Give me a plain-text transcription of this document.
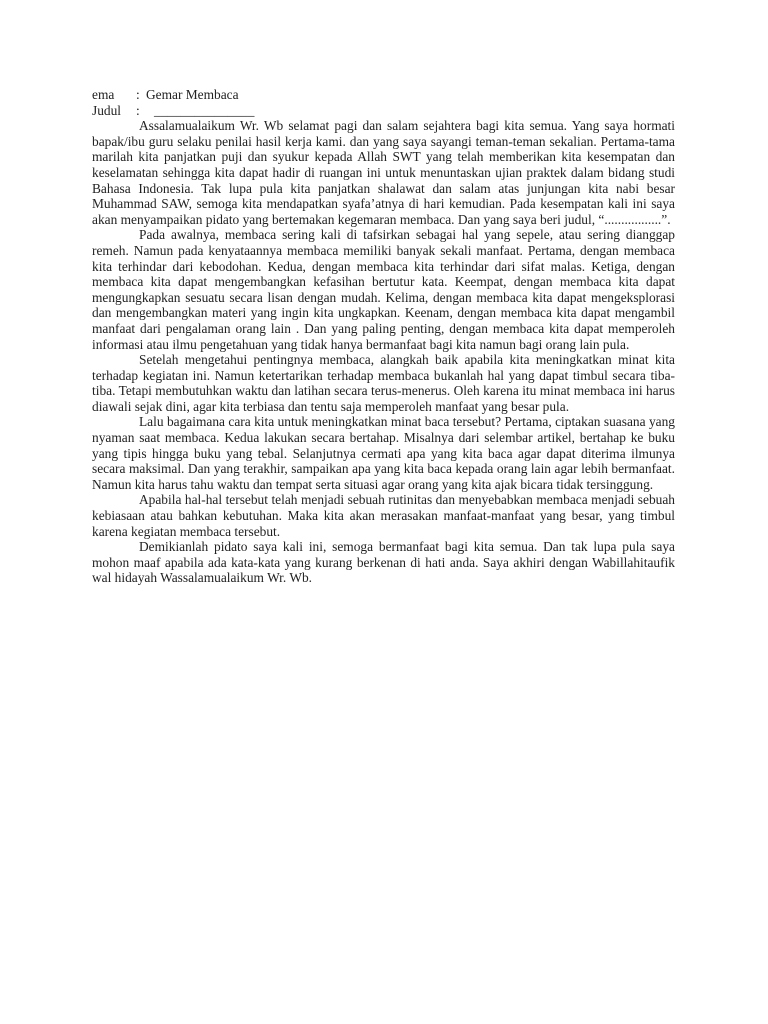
ema	: Gemar Membaca
Judul	:	_______________

Assalamualaikum Wr. Wb selamat pagi dan salam sejahtera bagi kita semua. Yang saya hormati bapak/ibu guru selaku penilai hasil kerja kami. dan yang saya sayangi teman-teman sekalian. Pertama-tama marilah kita panjatkan puji dan syukur kepada Allah SWT yang telah memberikan kita kesempatan dan keselamatan sehingga kita dapat hadir di ruangan ini untuk menuntaskan ujian praktek dalam bidang studi Bahasa Indonesia. Tak lupa pula kita panjatkan shalawat dan salam atas junjungan kita nabi besar Muhammad SAW, semoga kita mendapatkan syafa’atnya di hari kemudian. Pada kesempatan kali ini saya akan menyampaikan pidato yang bertemakan kegemaran membaca. Dan yang saya beri judul, “.................”.

Pada awalnya, membaca sering kali di tafsirkan sebagai hal yang sepele, atau sering dianggap remeh. Namun pada kenyataannya membaca memiliki banyak sekali manfaat. Pertama, dengan membaca kita terhindar dari kebodohan. Kedua, dengan membaca kita terhindar dari sifat malas. Ketiga, dengan membaca kita dapat mengembangkan kefasihan bertutur kata. Keempat, dengan membaca kita dapat mengungkapkan sesuatu secara lisan dengan mudah. Kelima, dengan membaca kita dapat mengeksplorasi dan mengembangkan materi yang ingin kita ungkapkan. Keenam, dengan membaca kita dapat mengambil manfaat dari pengalaman orang lain . Dan yang paling penting, dengan membaca kita dapat memperoleh informasi atau ilmu pengetahuan yang tidak hanya bermanfaat bagi kita namun bagi orang lain pula.

Setelah mengetahui pentingnya membaca, alangkah baik apabila kita meningkatkan minat kita terhadap kegiatan ini. Namun ketertarikan terhadap membaca bukanlah hal yang dapat timbul secara tiba-tiba. Tetapi membutuhkan waktu dan latihan secara terus-menerus. Oleh karena itu minat membaca ini harus diawali sejak dini, agar kita terbiasa dan tentu saja memperoleh manfaat yang besar pula.

Lalu bagaimana cara kita untuk meningkatkan minat baca tersebut? Pertama, ciptakan suasana yang nyaman saat membaca. Kedua lakukan secara bertahap. Misalnya dari selembar artikel, bertahap ke buku yang tipis hingga buku yang tebal. Selanjutnya cermati apa yang kita baca agar dapat diterima ilmunya secara maksimal. Dan yang terakhir, sampaikan apa yang kita baca kepada orang lain agar lebih bermanfaat. Namun kita harus tahu waktu dan tempat serta situasi agar orang yang kita ajak bicara tidak tersinggung.

Apabila hal-hal tersebut telah menjadi sebuah rutinitas dan menyebabkan membaca menjadi sebuah kebiasaan atau bahkan kebutuhan. Maka kita akan merasakan manfaat-manfaat yang besar, yang timbul karena kegiatan membaca tersebut.

Demikianlah pidato saya kali ini, semoga bermanfaat bagi kita semua. Dan tak lupa pula saya mohon maaf apabila ada kata-kata yang kurang berkenan di hati anda. Saya akhiri dengan Wabillahitaufik wal hidayah Wassalamualaikum Wr. Wb.
